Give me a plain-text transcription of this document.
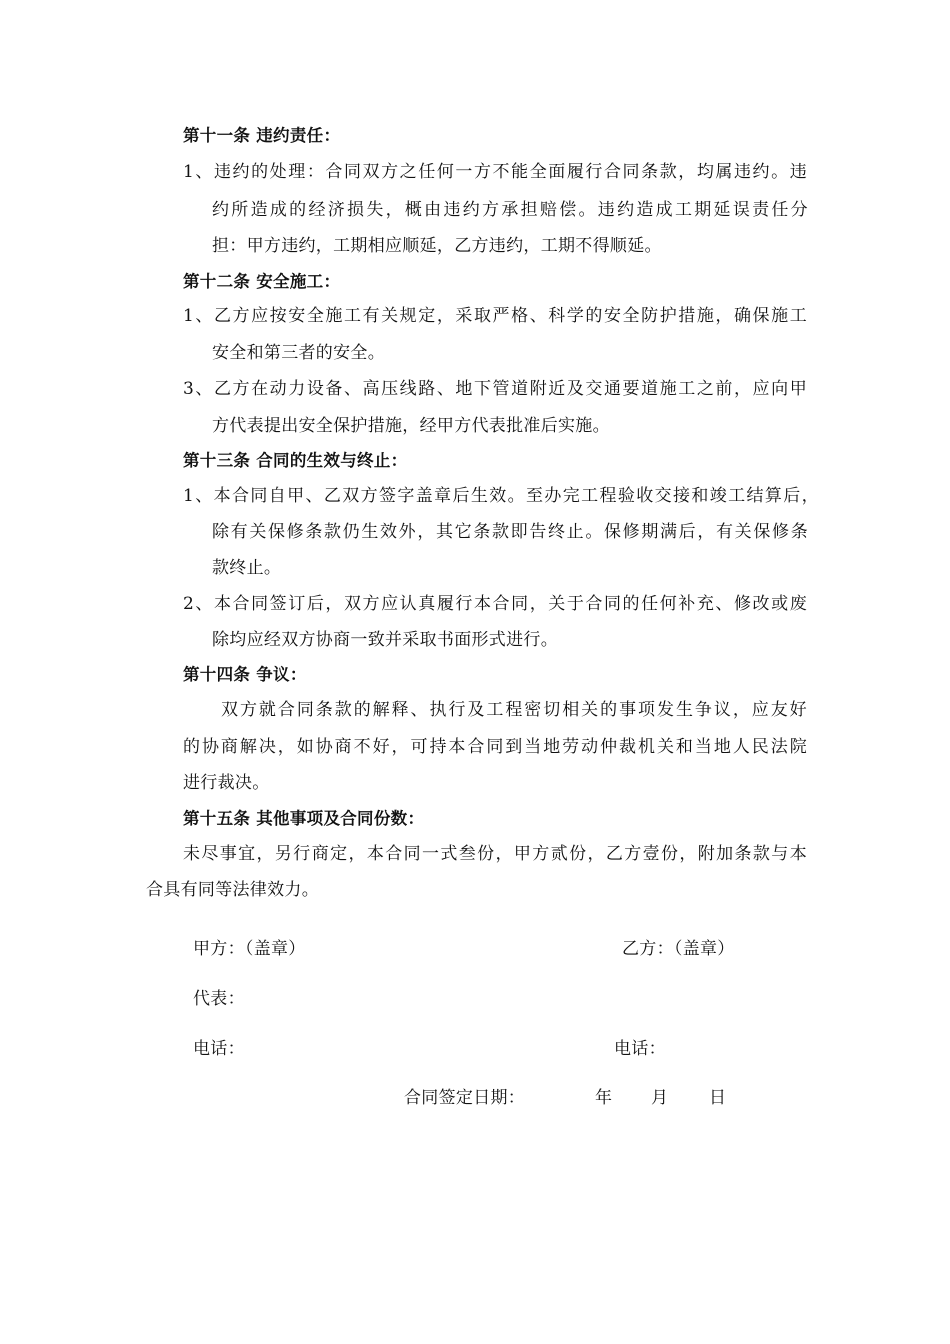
第十一条 违约责任：
1、违约的处理：合同双方之任何一方不能全面履行合同条款，均属违约。违
约所造成的经济损失，概由违约方承担赔偿。违约造成工期延误责任分
担：甲方违约，工期相应顺延，乙方违约，工期不得顺延。
第十二条 安全施工：
1、乙方应按安全施工有关规定，采取严格、科学的安全防护措施，确保施工
安全和第三者的安全。
3、乙方在动力设备、高压线路、地下管道附近及交通要道施工之前，应向甲
方代表提出安全保护措施，经甲方代表批准后实施。
第十三条 合同的生效与终止：
1、本合同自甲、乙双方签字盖章后生效。至办完工程验收交接和竣工结算后，
除有关保修条款仍生效外，其它条款即告终止。保修期满后，有关保修条
款终止。
2、本合同签订后，双方应认真履行本合同，关于合同的任何补充、修改或废
除均应经双方协商一致并采取书面形式进行。
第十四条 争议：
双方就合同条款的解释、执行及工程密切相关的事项发生争议，应友好
的协商解决，如协商不好，可持本合同到当地劳动仲裁机关和当地人民法院
进行裁决。
第十五条 其他事项及合同份数：
未尽事宜，另行商定，本合同一式叁份，甲方贰份，乙方壹份，附加条款与本
合具有同等法律效力。
甲方：（盖章）	乙方：（盖章）
代表：
电话：	电话：
合同签定日期：	年 月 日
